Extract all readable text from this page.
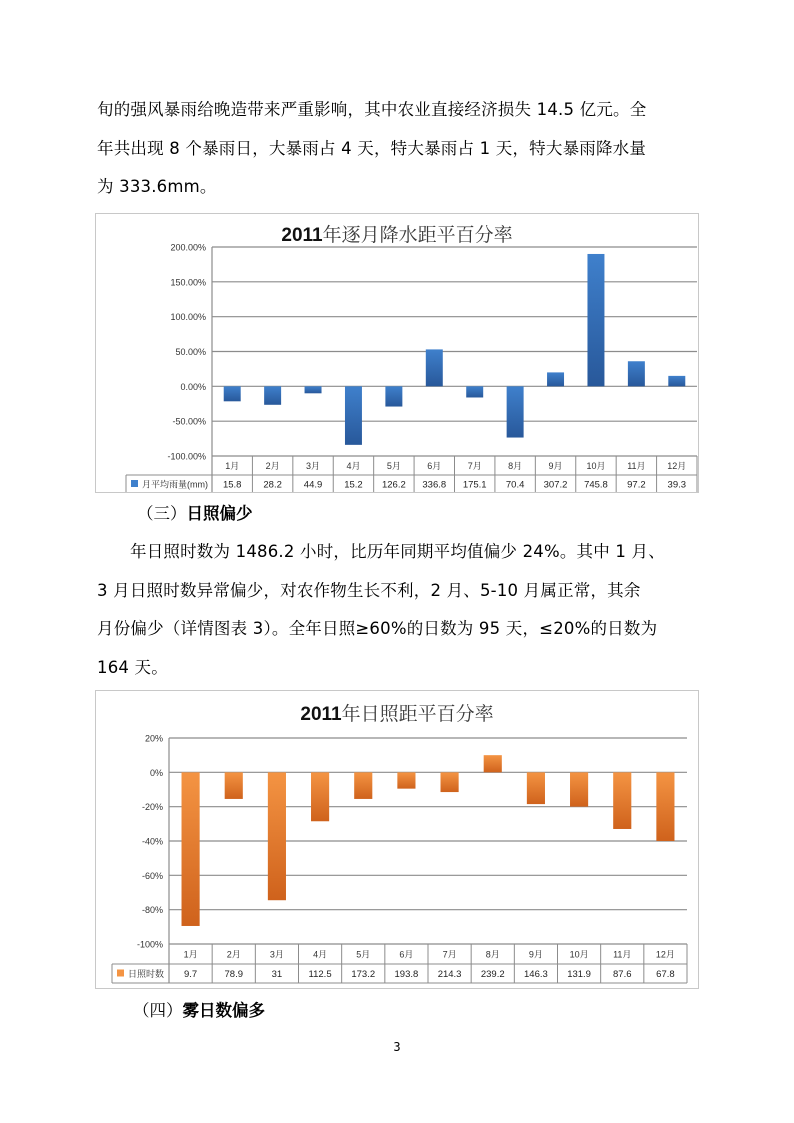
旬的强风暴雨给晚造带来严重影响，其中农业直接经济损失 14.5 亿元。全
年共出现 8 个暴雨日，大暴雨占 4 天，特大暴雨占 1 天，特大暴雨降水量
为 333.6mm。
2011年逐月降水距平百分率
200.00%
150.00%
100.00%
50.00%
0.00%
-50.00%
-100.00%
1月
15.8
2月
28.2
3月
44.9
4月
15.2
5月
126.2
6月
336.8
7月
175.1
8月
70.4
9月
307.2
10月
745.8
11月
97.2
12月
39.3
月平均雨量(mm)
（三）日照偏少
年日照时数为 1486.2 小时，比历年同期平均值偏少 24%。其中 1 月、
3 月日照时数异常偏少，对农作物生长不利，2 月、5-10 月属正常，其余
月份偏少（详情图表 3）。全年日照≥60%的日数为 95 天，≤20%的日数为
164 天。
2011年日照距平百分率
20%
0%
-20%
-40%
-60%
-80%
-100%
1月
9.7
2月
78.9
3月
31
4月
112.5
5月
173.2
6月
193.8
7月
214.3
8月
239.2
9月
146.3
10月
131.9
11月
87.6
12月
67.8
日照时数
（四）雾日数偏多
3
